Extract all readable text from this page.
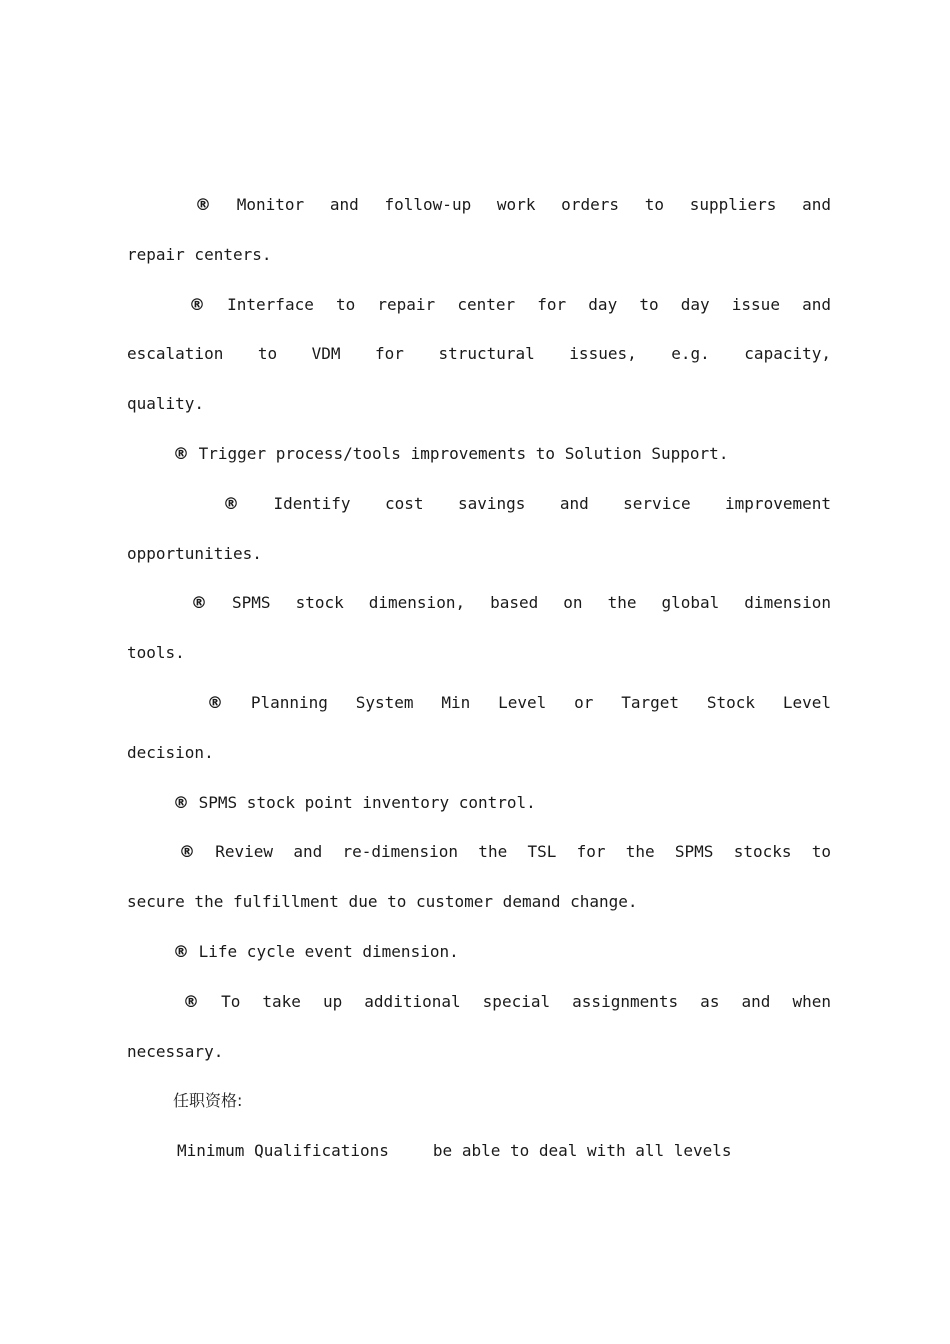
® Monitor and follow-up work orders to suppliers and
repair centers.
® Interface to repair center for day to day issue and
escalation to VDM for structural issues, e.g. capacity,
quality.
® Trigger process/tools improvements to Solution Support.
® Identify cost savings and service improvement
opportunities.
® SPMS stock dimension, based on the global dimension
tools.
® Planning System Min Level or Target Stock Level
decision.
® SPMS stock point inventory control.
® Review and re-dimension the TSL for the SPMS stocks to
secure the fulfillment due to customer demand change.
® Life cycle event dimension.
® To take up additional special assignments as and when
necessary.
任职资格:
Minimum Qualifications	be able to deal with all levels
